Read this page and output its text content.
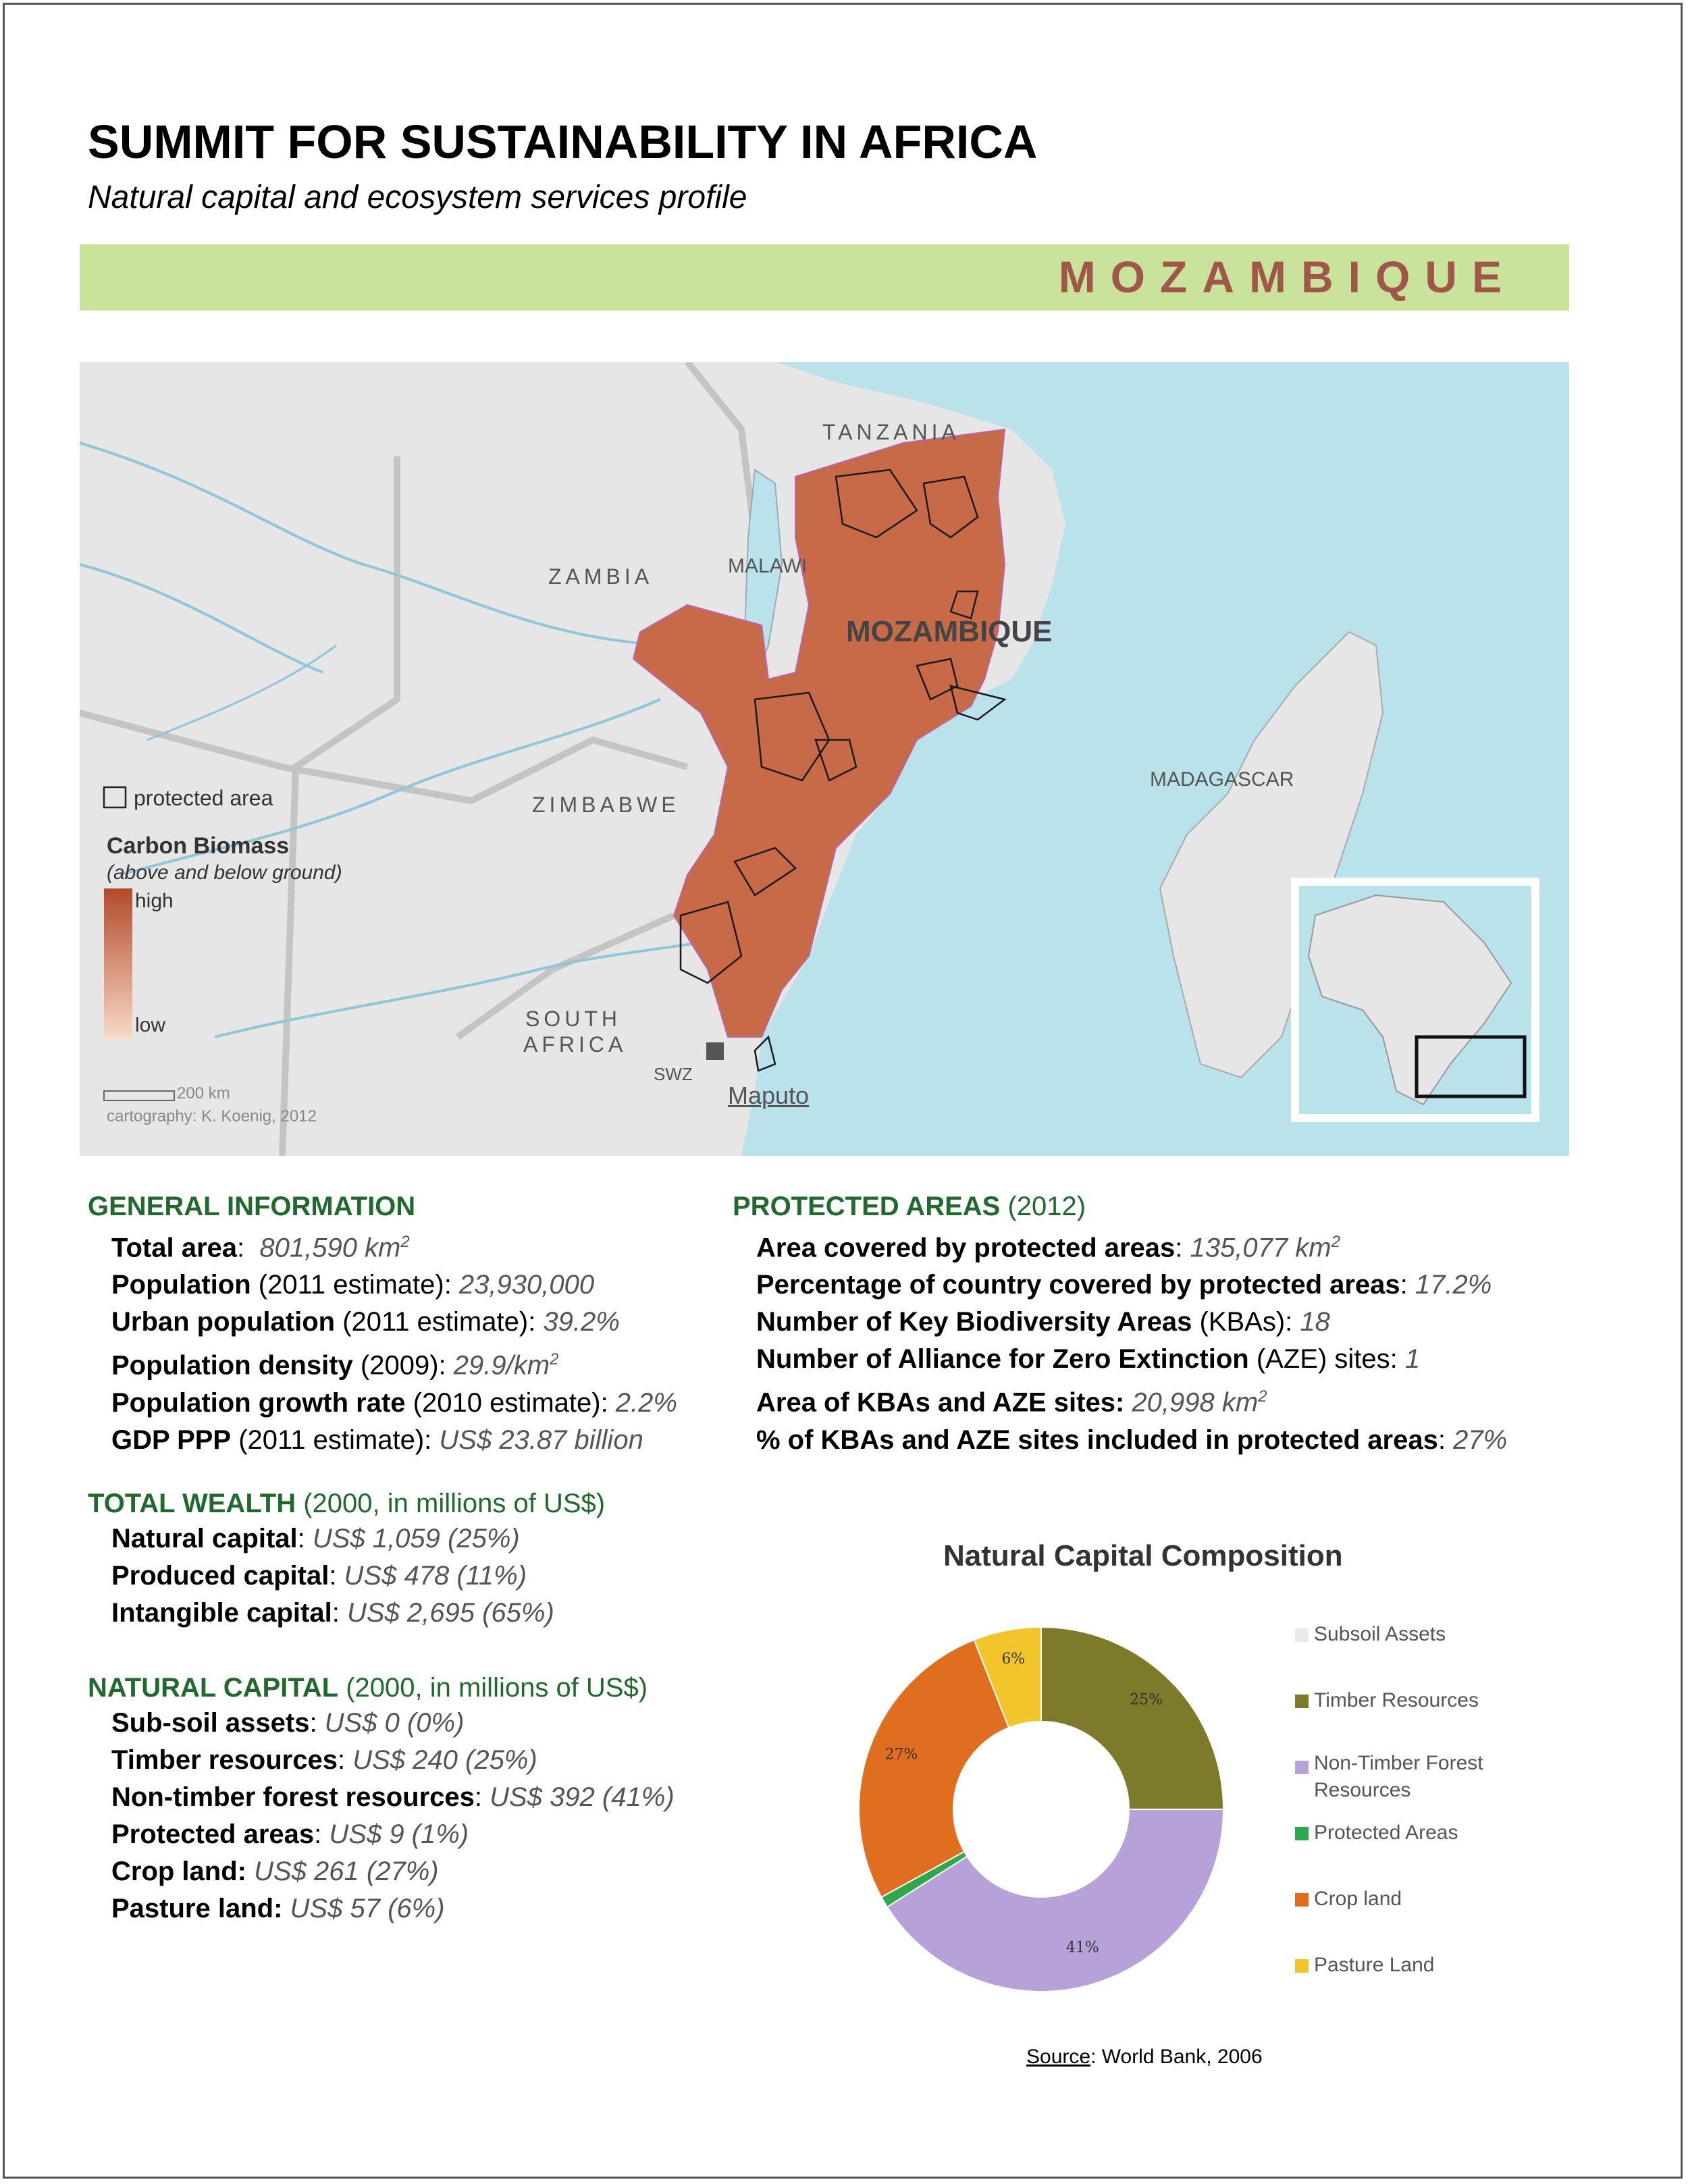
SUMMIT FOR SUSTAINABILITY IN AFRICA
Natural capital and ecosystem services profile
MOZAMBIQUE
TANZANIA
ZAMBIA	MALAWI
MOZAMBIQUE
ZIMBABWE
MADAGASCAR
SOUTH
AFRICA
SWZ
Maputo
protected area
Carbon Biomass
(above and below ground)
high
low
200 km
cartography: K. Koenig, 2012
GENERAL INFORMATION
Total area:  801,590 $km^2$
Population (2011 estimate): 23,930,000
Urban population (2011 estimate): 39.2%
Population density (2009): $29.9/km^2$
Population growth rate (2010 estimate): 2.2%
GDP PPP (2011 estimate): US$ 23.87 billion
PROTECTED AREAS (2012)
Area covered by protected areas: 135,077 $km^2$
Percentage of country covered by protected areas: 17.2%
Number of Key Biodiversity Areas (KBAs): 18
Number of Alliance for Zero Extinction (AZE) sites: 1
Area of KBAs and AZE sites: 20,998 $km^2$
% of KBAs and AZE sites included in protected areas: 27%
TOTAL WEALTH (2000, in millions of US$)
Natural capital: US$ 1,059 (25%)
Produced capital: US$ 478 (11%)
Intangible capital: US$ 2,695 (65%)
NATURAL CAPITAL (2000, in millions of US$)
Sub-soil assets: US$ 0 (0%)
Timber resources: US$ 240 (25%)
Non-timber forest resources: US$ 392 (41%)
Protected areas: US$ 9 (1%)
Crop land: US$ 261 (27%)
Pasture land: US$ 57 (6%)
Natural Capital Composition
25%
41%
27%
6%
Subsoil Assets
Timber Resources
Non-Timber Forest Resources
Protected Areas
Crop land
Pasture Land
Source: World Bank, 2006
